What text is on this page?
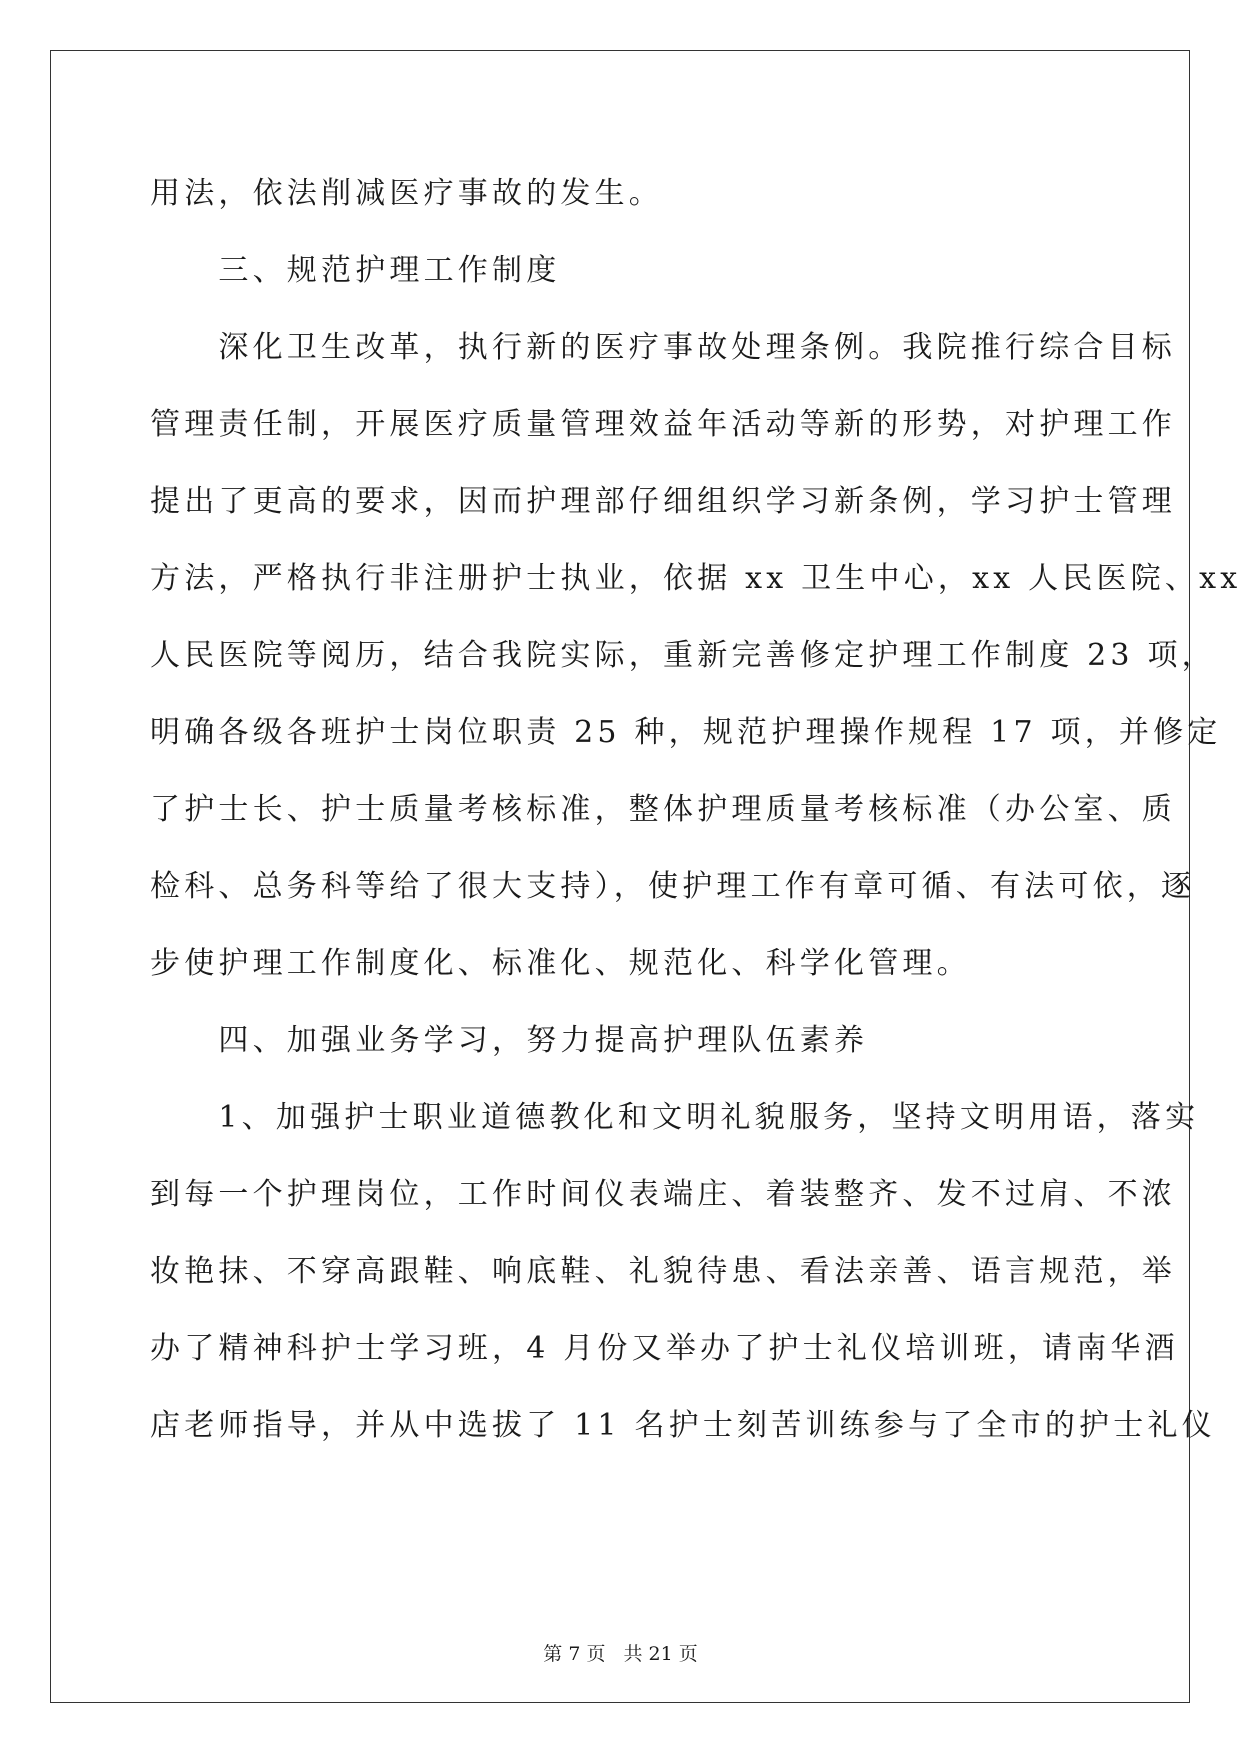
用法，依法削减医疗事故的发生。
　　三、规范护理工作制度
　　深化卫生改革，执行新的医疗事故处理条例。我院推行综合目标
管理责任制，开展医疗质量管理效益年活动等新的形势，对护理工作
提出了更高的要求，因而护理部仔细组织学习新条例，学习护士管理
方法，严格执行非注册护士执业，依据 xx 卫生中心，xx 人民医院、xx
人民医院等阅历，结合我院实际，重新完善修定护理工作制度 23 项，
明确各级各班护士岗位职责 25 种，规范护理操作规程 17 项，并修定
了护士长、护士质量考核标准，整体护理质量考核标准（办公室、质
检科、总务科等给了很大支持），使护理工作有章可循、有法可依，逐
步使护理工作制度化、标准化、规范化、科学化管理。
　　四、加强业务学习，努力提高护理队伍素养
　　1、加强护士职业道德教化和文明礼貌服务，坚持文明用语，落实
到每一个护理岗位，工作时间仪表端庄、着装整齐、发不过肩、不浓
妆艳抹、不穿高跟鞋、响底鞋、礼貌待患、看法亲善、语言规范，举
办了精神科护士学习班，4 月份又举办了护士礼仪培训班，请南华酒
店老师指导，并从中选拔了 11 名护士刻苦训练参与了全市的护士礼仪
第 7 页 共 21 页
